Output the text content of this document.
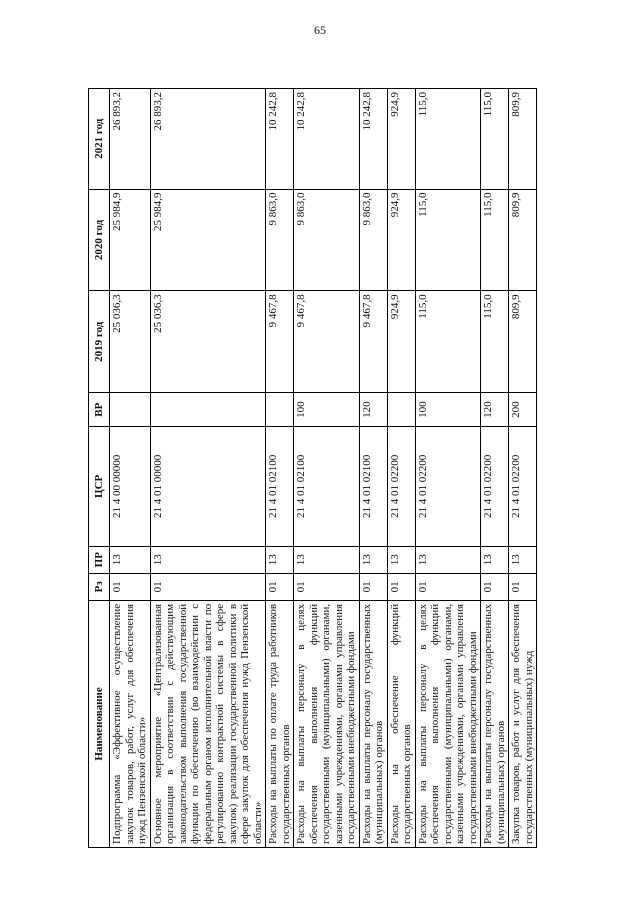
65
Наименование	Рз	ПР	ЦСР	ВР	2019 год	2020 год	2021 год
Подпрограмма «Эффективное осуществление закупок товаров, работ, услуг для обеспечения нужд Пензенской области»	01	13	21 4 00 00000		25 036,3	25 984,9	26 893,2
Основное мероприятие «Централизованная организация в соответствии с действующим законодательством выполнения государственной функции по обеспечению (во взаимодействии с федеральным органом исполнительной власти по регулированию контрактной системы в сфере закупок) реализации государственной политики в сфере закупок для обеспечения нужд Пензенской области»	01	13	21 4 01 00000		25 036,3	25 984,9	26 893,2
Расходы на выплаты по оплате труда работников государственных органов	01	13	21 4 01 02100		9 467,8	9 863,0	10 242,8
Расходы на выплаты персоналу в целях обеспечения выполнения функций государственными (муниципальными) органами, казенными учреждениями, органами управления государственными внебюджетными фондами	01	13	21 4 01 02100	100	9 467,8	9 863,0	10 242,8
Расходы на выплаты персоналу государственных (муниципальных) органов	01	13	21 4 01 02100	120	9 467,8	9 863,0	10 242,8
Расходы на обеспечение функций государственных органов	01	13	21 4 01 02200		924,9	924,9	924,9
Расходы на выплаты персоналу в целях обеспечения выполнения функций государственными (муниципальными) органами, казенными учреждениями, органами управления государственными внебюджетными фондами	01	13	21 4 01 02200	100	115,0	115,0	115,0
Расходы на выплаты персоналу государственных (муниципальных) органов	01	13	21 4 01 02200	120	115,0	115,0	115,0
Закупка товаров, работ и услуг для обеспечения государственных (муниципальных) нужд	01	13	21 4 01 02200	200	809,9	809,9	809,9
